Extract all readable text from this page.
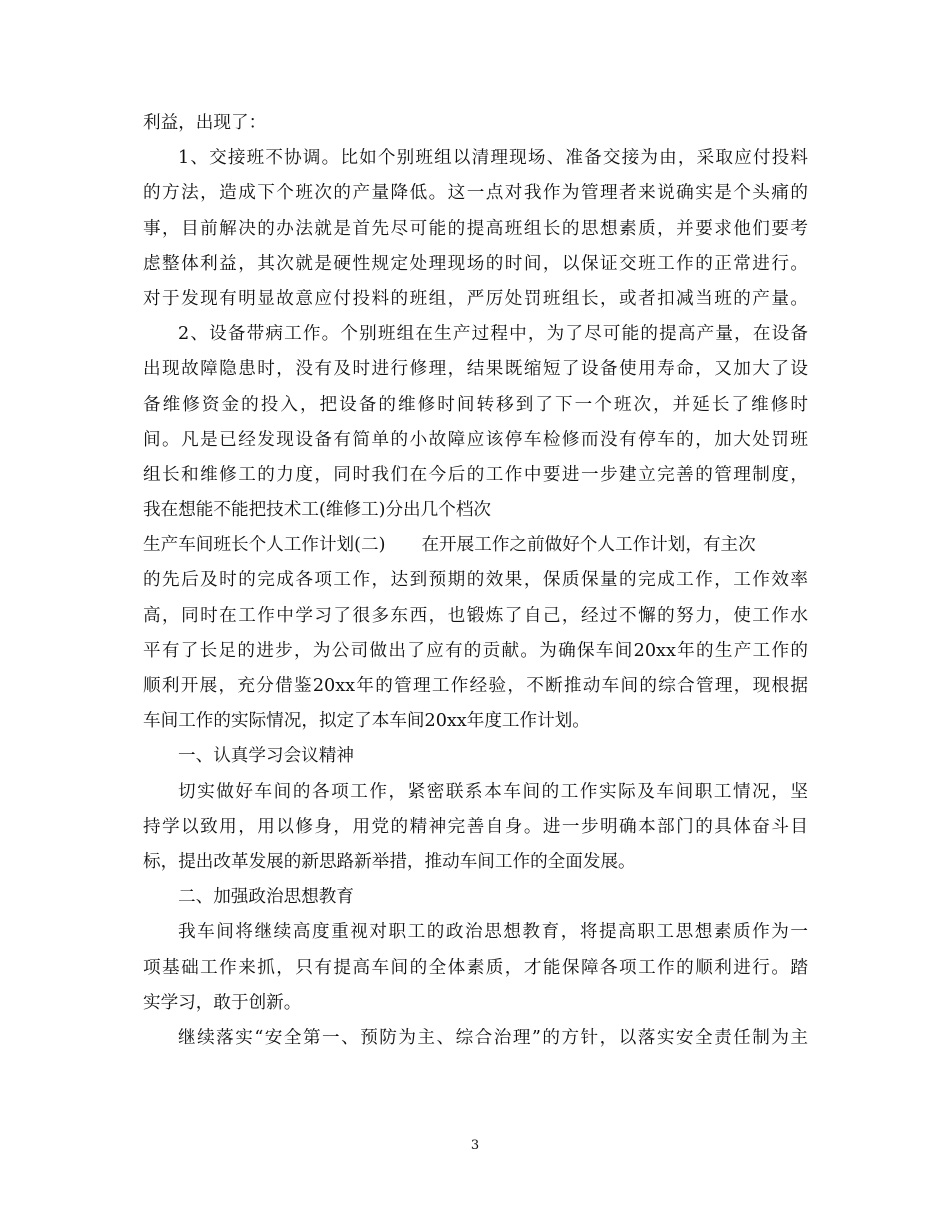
利益，出现了：
1、交接班不协调。比如个别班组以清理现场、准备交接为由，采取应付投料
的方法，造成下个班次的产量降低。这一点对我作为管理者来说确实是个头痛的
事，目前解决的办法就是首先尽可能的提高班组长的思想素质，并要求他们要考
虑整体利益，其次就是硬性规定处理现场的时间，以保证交班工作的正常进行。
对于发现有明显故意应付投料的班组，严厉处罚班组长，或者扣减当班的产量。
2、设备带病工作。个别班组在生产过程中，为了尽可能的提高产量，在设备
出现故障隐患时，没有及时进行修理，结果既缩短了设备使用寿命，又加大了设
备维修资金的投入，把设备的维修时间转移到了下一个班次，并延长了维修时
间。凡是已经发现设备有简单的小故障应该停车检修而没有停车的，加大处罚班
组长和维修工的力度，同时我们在今后的工作中要进一步建立完善的管理制度，
我在想能不能把技术工(维修工)分出几个档次
生产车间班长个人工作计划(二) 在开展工作之前做好个人工作计划，有主次
的先后及时的完成各项工作，达到预期的效果，保质保量的完成工作，工作效率
高，同时在工作中学习了很多东西，也锻炼了自己，经过不懈的努力，使工作水
平有了长足的进步，为公司做出了应有的贡献。为确保车间20xx年的生产工作的
顺利开展，充分借鉴20xx年的管理工作经验，不断推动车间的综合管理，现根据
车间工作的实际情况，拟定了本车间20xx年度工作计划。
一、认真学习会议精神
切实做好车间的各项工作，紧密联系本车间的工作实际及车间职工情况，坚
持学以致用，用以修身，用党的精神完善自身。进一步明确本部门的具体奋斗目
标，提出改革发展的新思路新举措，推动车间工作的全面发展。
二、加强政治思想教育
我车间将继续高度重视对职工的政治思想教育，将提高职工思想素质作为一
项基础工作来抓，只有提高车间的全体素质，才能保障各项工作的顺利进行。踏
实学习，敢于创新。
继续落实“安全第一、预防为主、综合治理”的方针，以落实安全责任制为主
3
